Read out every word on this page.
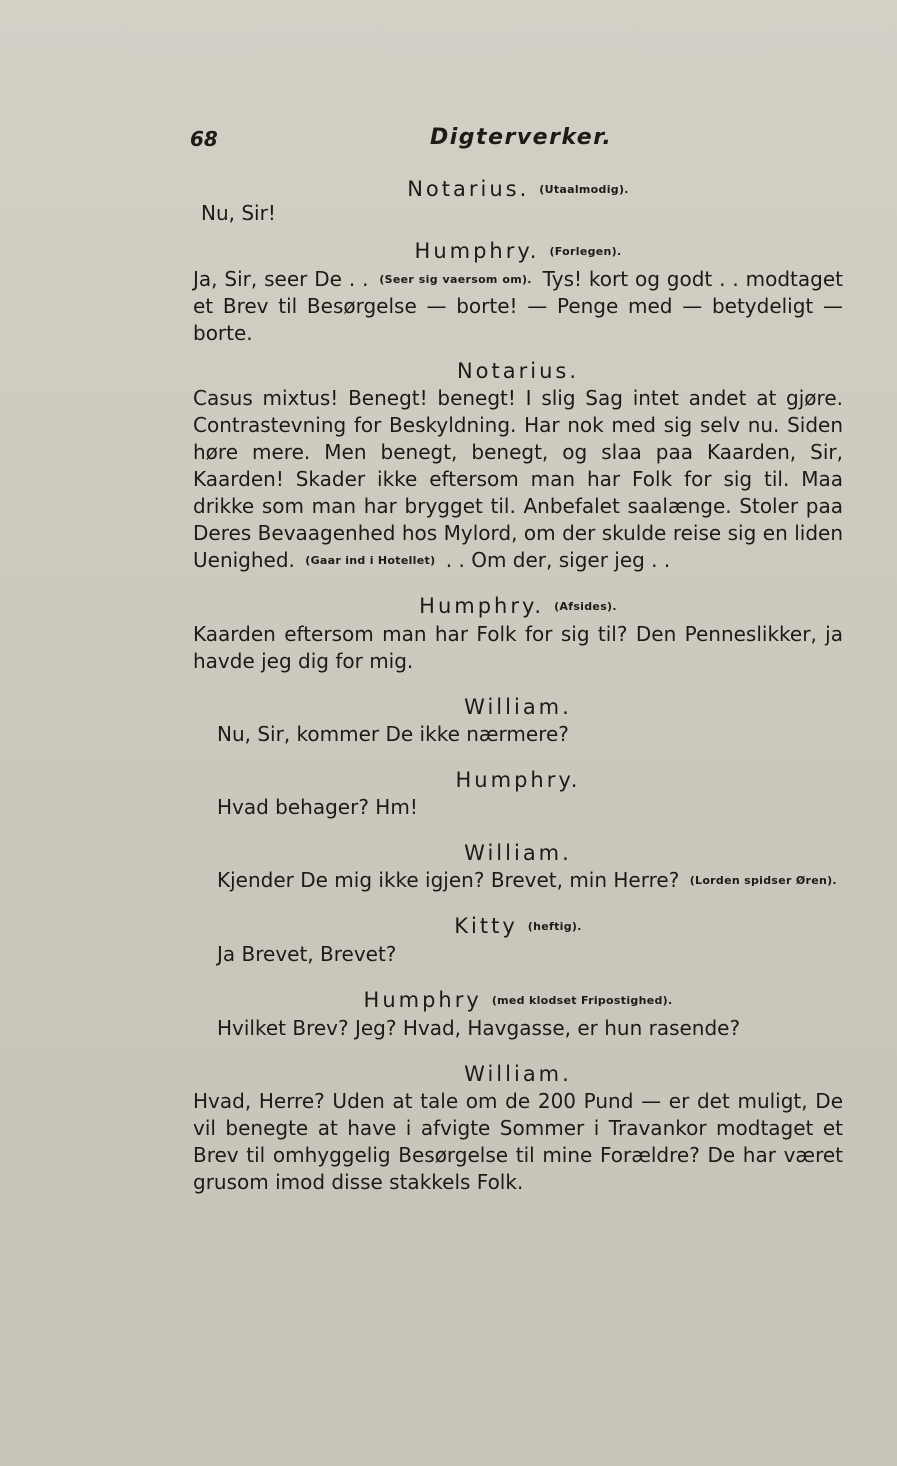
68	Digterverker.

Notarius. (Utaalmodig).

Nu, Sir!

Humphry. (Forlegen).

Ja, Sir, seer De . . (Seer sig vaersom om). Tys! kort og godt . . modtaget et Brev til Besørgelse — borte! — Penge med — betydeligt — borte.

Notarius.

Casus mixtus! Benegt! benegt! I slig Sag intet andet at gjøre. Contrastevning for Beskyldning. Har nok med sig selv nu. Siden høre mere. Men benegt, benegt, og slaa paa Kaarden, Sir, Kaarden! Skader ikke eftersom man har Folk for sig til. Maa drikke som man har brygget til. Anbefalet saalænge. Stoler paa Deres Bevaagenhed hos Mylord, om der skulde reise sig en liden Uenighed. (Gaar ind i Hotellet) . . Om der, siger jeg . .

Humphry. (Afsides).

Kaarden eftersom man har Folk for sig til? Den Penneslikker, ja havde jeg dig for mig.

William.

Nu, Sir, kommer De ikke nærmere?

Humphry.

Hvad behager? Hm!

William.

Kjender De mig ikke igjen? Brevet, min Herre? (Lorden spidser Øren).

Kitty (heftig).

Ja Brevet, Brevet?

Humphry (med klodset Fripostighed).

Hvilket Brev? Jeg? Hvad, Havgasse, er hun rasende?

William.

Hvad, Herre? Uden at tale om de 200 Pund — er det muligt, De vil benegte at have i afvigte Sommer i Travankor modtaget et Brev til omhyggelig Besørgelse til mine Forældre? De har været grusom imod disse stakkels Folk.
